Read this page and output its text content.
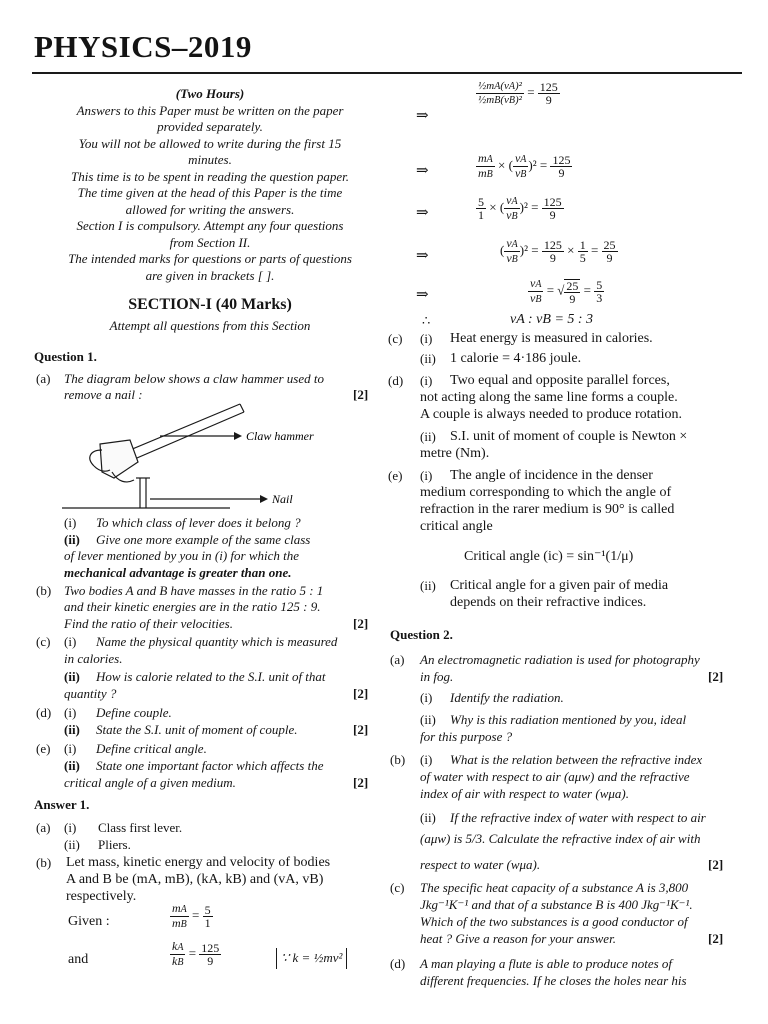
PHYSICS–2019
(Two Hours)
Answers to this Paper must be written on the paper
provided separately.
You will not be allowed to write during the first 15
minutes.
This time is to be spent in reading the question paper.
The time given at the head of this Paper is the time
allowed for writing the answers.
Section I is compulsory. Attempt any four questions
from Section II.
The intended marks for questions or parts of questions
are given in brackets [ ].
SECTION-I (40 Marks)
Attempt all questions from this Section
Question 1.
(a) The diagram below shows a claw hammer used to
remove a nail :	[2]
Claw hammer
Nail
(i) To which class of lever does it belong ?
(ii) Give one more example of the same class
of lever mentioned by you in (i) for which the
mechanical advantage is greater than one.
(b) Two bodies A and B have masses in the ratio 5 : 1
and their kinetic energies are in the ratio 125 : 9.
Find the ratio of their velocities.	[2]
(c) (i) Name the physical quantity which is measured
in calories.
(ii) How is calorie related to the S.I. unit of that
quantity ?	[2]
(d) (i) Define couple.
(ii) State the S.I. unit of moment of couple.	[2]
(e) (i) Define critical angle.
(ii) State one important factor which affects the
critical angle of a given medium.	[2]
Answer 1.
(a) (i) Class first lever.
(ii) Pliers.
(b) Let mass, kinetic energy and velocity of bodies
A and B be (mA, mB), (kA, kB) and (vA, vB)
respectively.
Given :	$\frac{mA}{mB} = \frac{5}{1}$
and	$\frac{kA}{kB} = \frac{125}{9}$	∵ k = ½mv²
⇒
$\frac{\text{½mA(vA)²}}{\text{½mB(vB)²}} = \frac{125}{9}$
⇒	$\frac{mA}{mB}$ × ( $\frac{vA}{vB} )^2 = \frac{125}{9}$
⇒	$\frac{5}{1}$ × ( $\frac{vA}{vB} )^2 = \frac{125}{9}$
⇒	( $\frac{vA}{vB} )^2 = \frac{125}{9} \times \frac{1}{5} = \frac{25}{9}$
⇒	$\frac{vA}{vB}$ = √ $\frac{25}{9} = \frac{5}{3}$
∴	vA : vB = 5 : 3
(c) (i) Heat energy is measured in calories.
(ii) 1 calorie = 4·186 joule.
(d) (i) Two equal and opposite parallel forces,
not acting along the same line forms a couple.
A couple is always needed to produce rotation.
(ii) S.I. unit of moment of couple is Newton ×
metre (Nm).
(e) (i) The angle of incidence in the denser
medium corresponding to which the angle of
refraction in the rarer medium is 90° is called
critical angle
Critical angle (ic) = sin⁻¹(1/μ)
(ii) Critical angle for a given pair of media
depends on their refractive indices.
Question 2.
(a) An electromagnetic radiation is used for photography
in fog.	[2]
(i) Identify the radiation.
(ii) Why is this radiation mentioned by you, ideal
for this purpose ?
(b) (i) What is the relation between the refractive index
of water with respect to air (aμw) and the refractive
index of air with respect to water (wμa).
(ii) If the refractive index of water with respect to air
(aμw) is 5/3. Calculate the refractive index of air with
respect to water (wμa).	[2]
(c) The specific heat capacity of a substance A is 3,800
Jkg⁻¹K⁻¹ and that of a substance B is 400 Jkg⁻¹K⁻¹.
Which of the two substances is a good conductor of
heat ? Give a reason for your answer.	[2]
(d) A man playing a flute is able to produce notes of
different frequencies. If he closes the holes near his
